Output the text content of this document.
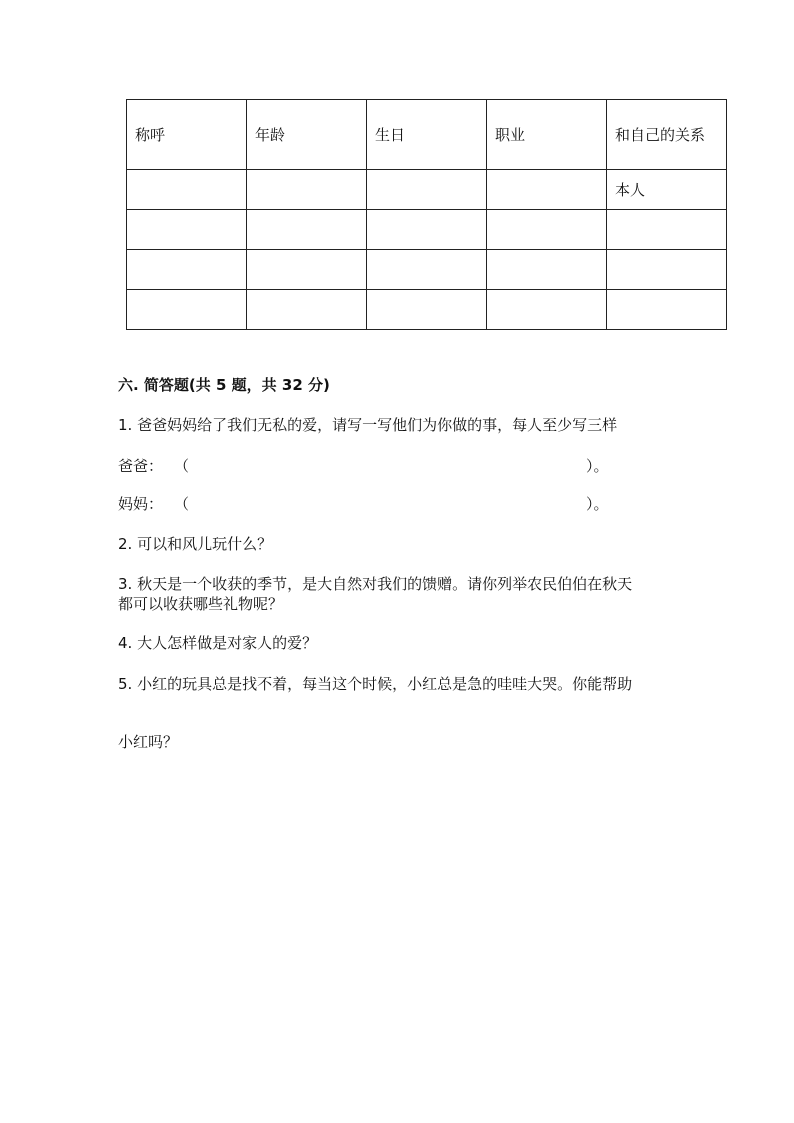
称呼	年龄	生日	职业	和自己的关系
				本人

六. 简答题(共 5 题，共 32 分)
1. 爸爸妈妈给了我们无私的爱，请写一写他们为你做的事，每人至少写三样
爸爸： （	）。
妈妈： （	）。
2. 可以和风儿玩什么？
3. 秋天是一个收获的季节，是大自然对我们的馈赠。请你列举农民伯伯在秋天
都可以收获哪些礼物呢？
4. 大人怎样做是对家人的爱？
5. 小红的玩具总是找不着，每当这个时候，小红总是急的哇哇大哭。你能帮助
小红吗？
